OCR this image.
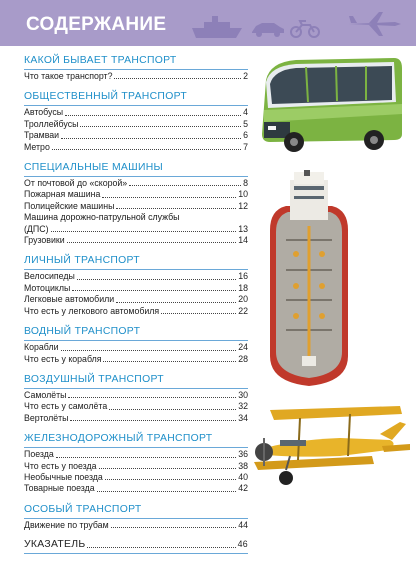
СОДЕРЖАНИЕ
КАКОЙ БЫВАЕТ ТРАНСПОРТ
Что такое транспорт?	2
ОБЩЕСТВЕННЫЙ ТРАНСПОРТ
Автобусы	4
Троллейбусы	5
Трамваи	6
Метро	7
СПЕЦИАЛЬНЫЕ МАШИНЫ
От почтовой до «скорой»	8
Пожарная машина	10
Полицейские машины	12
Машина дорожно-патрульной службы
(ДПС)	13
Грузовики	14
ЛИЧНЫЙ ТРАНСПОРТ
Велосипеды	16
Мотоциклы	18
Легковые автомобили	20
Что есть у легкового автомобиля	22
ВОДНЫЙ ТРАНСПОРТ
Корабли	24
Что есть у корабля	28
ВОЗДУШНЫЙ ТРАНСПОРТ
Самолёты	30
Что есть у самолёта	32
Вертолёты	34
ЖЕЛЕЗНОДОРОЖНЫЙ ТРАНСПОРТ
Поезда	36
Что есть у поезда	38
Необычные поезда	40
Товарные поезда	42
ОСОБЫЙ ТРАНСПОРТ
Движение по трубам	44
УКАЗАТЕЛЬ	46
